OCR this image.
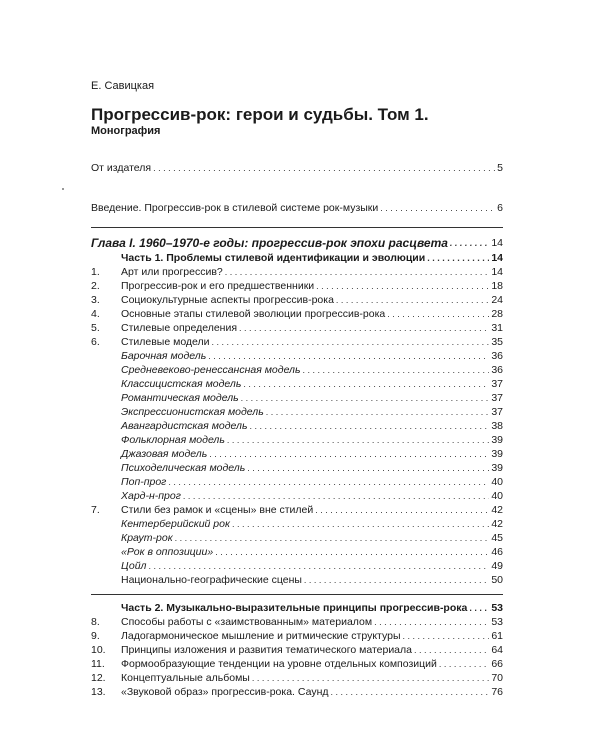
Е. Савицкая
Прогрессив-рок: герои и судьбы. Том 1.
Монография
От издателя . . .	5
Введение. Прогрессив-рок в стилевой системе рок-музыки . . .	6
Глава I. 1960–1970-е годы: прогрессив-рок эпохи расцвета . . .	14
Часть 1. Проблемы стилевой идентификации и эволюции . . .	14
1.	Арт или прогрессив? . . .	14
2.	Прогрессив-рок и его предшественники . . .	18
3.	Социокультурные аспекты прогрессив-рока . . .	24
4.	Основные этапы стилевой эволюции прогрессив-рока . . .	28
5.	Стилевые определения . . .	31
6.	Стилевые модели . . .	35
Барочная модель . . .	36
Средневеково-ренессансная модель . . .	36
Классицистская модель . . .	37
Романтическая модель . . .	37
Экспрессионистская модель . . .	37
Авангардистская модель . . .	38
Фольклорная модель . . .	39
Джазовая модель . . .	39
Психоделическая модель . . .	39
Поп-прог . . .	40
Хард-н-прог . . .	40
7.	Стили без рамок и «сцены» вне стилей . . .	42
Кентерберийский рок . . .	42
Краут-рок . . .	45
«Рок в оппозиции» . . .	46
Цойл . . .	49
Национально-географические сцены . . .	50
Часть 2. Музыкально-выразительные принципы прогрессив-рока . . . 53
8.	Способы работы с «заимствованным» материалом . . .	53
9.	Ладогармоническое мышление и ритмические структуры . . .	61
10.	Принципы изложения и развития тематического материала . . .	64
11.	Формообразующие тенденции на уровне отдельных композиций . . .	66
12.	Концептуальные альбомы . . .	70
13.	«Звуковой образ» прогрессив-рока. Саунд . . .	76
